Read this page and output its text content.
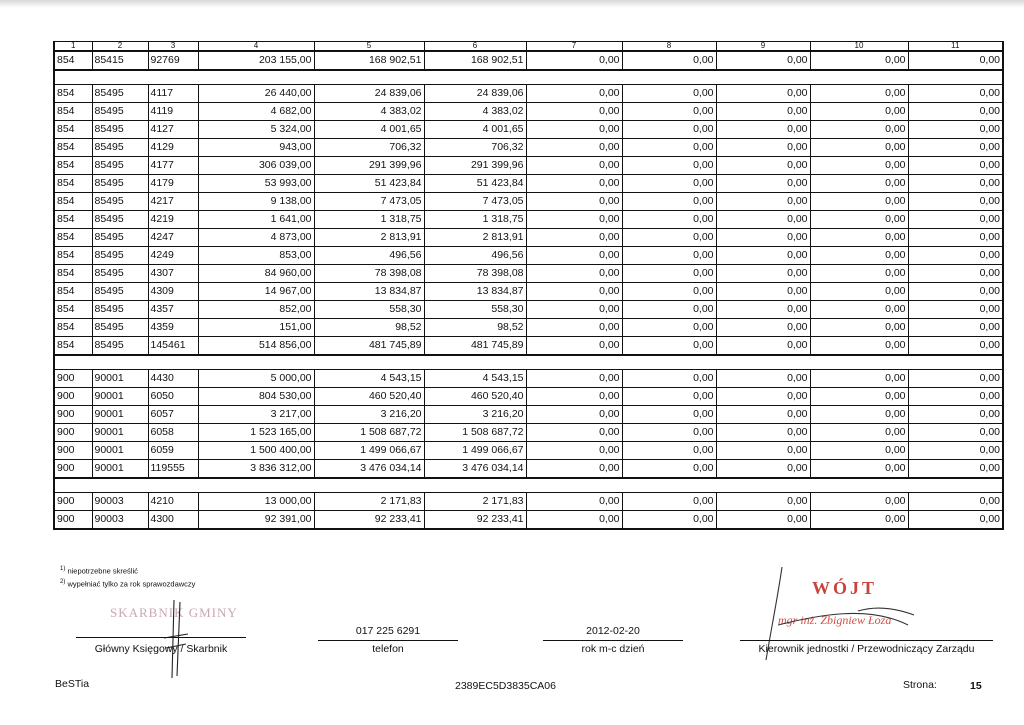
1	2	3	4	5	6	7	8	9	10	11
854	85415	92769	203 155,00	168 902,51	168 902,51	0,00	0,00	0,00	0,00	0,00

854	85495	4117	26 440,00	24 839,06	24 839,06	0,00	0,00	0,00	0,00	0,00
854	85495	4119	4 682,00	4 383,02	4 383,02	0,00	0,00	0,00	0,00	0,00
854	85495	4127	5 324,00	4 001,65	4 001,65	0,00	0,00	0,00	0,00	0,00
854	85495	4129	943,00	706,32	706,32	0,00	0,00	0,00	0,00	0,00
854	85495	4177	306 039,00	291 399,96	291 399,96	0,00	0,00	0,00	0,00	0,00
854	85495	4179	53 993,00	51 423,84	51 423,84	0,00	0,00	0,00	0,00	0,00
854	85495	4217	9 138,00	7 473,05	7 473,05	0,00	0,00	0,00	0,00	0,00
854	85495	4219	1 641,00	1 318,75	1 318,75	0,00	0,00	0,00	0,00	0,00
854	85495	4247	4 873,00	2 813,91	2 813,91	0,00	0,00	0,00	0,00	0,00
854	85495	4249	853,00	496,56	496,56	0,00	0,00	0,00	0,00	0,00
854	85495	4307	84 960,00	78 398,08	78 398,08	0,00	0,00	0,00	0,00	0,00
854	85495	4309	14 967,00	13 834,87	13 834,87	0,00	0,00	0,00	0,00	0,00
854	85495	4357	852,00	558,30	558,30	0,00	0,00	0,00	0,00	0,00
854	85495	4359	151,00	98,52	98,52	0,00	0,00	0,00	0,00	0,00
854	85495	145461	514 856,00	481 745,89	481 745,89	0,00	0,00	0,00	0,00	0,00

900	90001	4430	5 000,00	4 543,15	4 543,15	0,00	0,00	0,00	0,00	0,00
900	90001	6050	804 530,00	460 520,40	460 520,40	0,00	0,00	0,00	0,00	0,00
900	90001	6057	3 217,00	3 216,20	3 216,20	0,00	0,00	0,00	0,00	0,00
900	90001	6058	1 523 165,00	1 508 687,72	1 508 687,72	0,00	0,00	0,00	0,00	0,00
900	90001	6059	1 500 400,00	1 499 066,67	1 499 066,67	0,00	0,00	0,00	0,00	0,00
900	90001	119555	3 836 312,00	3 476 034,14	3 476 034,14	0,00	0,00	0,00	0,00	0,00

900	90003	4210	13 000,00	2 171,83	2 171,83	0,00	0,00	0,00	0,00	0,00
900	90003	4300	92 391,00	92 233,41	92 233,41	0,00	0,00	0,00	0,00	0,00
$^{1)}$ niepotrzebne skreślić
$^{2)}$ wypełniać tylko za rok sprawozdawczy
SKARBNIK GMINY
Główny Księgowy / Skarbnik
017 225 6291
telefon
2012-02-20
rok m-c dzień
WÓJT
mgr inż. Zbigniew Łoza
Kierownik jednostki / Przewodniczący Zarządu
BeSTia	2389EC5D3835CA06	Strona:	15
